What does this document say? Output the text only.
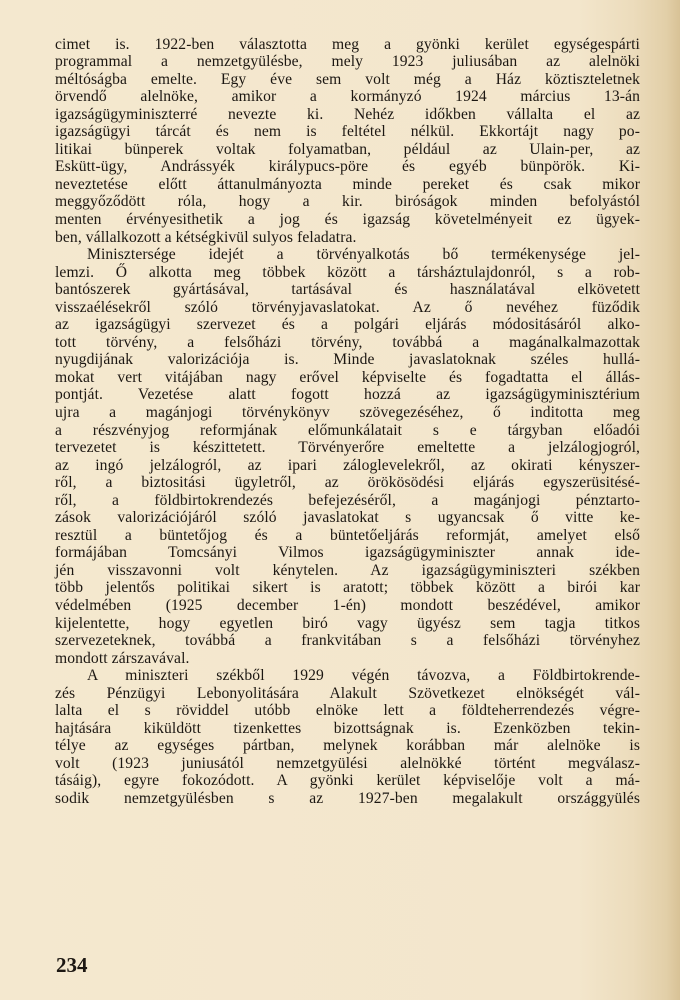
cimet is. 1922-ben választotta meg a gyönki kerület egységespárti
programmal a nemzetgyülésbe, mely 1923 juliusában az alelnöki
méltóságba emelte. Egy éve sem volt még a Ház köztiszteletnek
örvendő alelnöke, amikor a kormányzó 1924 március 13-án
igazságügyminiszterré nevezte ki. Nehéz időkben vállalta el az
igazságügyi tárcát és nem is feltétel nélkül. Ekkortájt nagy po-
litikai bünperek voltak folyamatban, például az Ulain-per, az
Eskütt-ügy, Andrássyék királypucs-pöre és egyéb bünpörök. Ki-
neveztetése előtt áttanulmányozta minde pereket és csak mikor
meggyőződött róla, hogy a kir. biróságok minden befolyástól
menten érvényesithetik a jog és igazság követelményeit ez ügyek-
ben, vállalkozott a kétségkivül sulyos feladatra.
Minisztersége idejét a törvényalkotás bő termékenysége jel-
lemzi. Ő alkotta meg többek között a társháztulajdonról, s a rob-
bantószerek gyártásával, tartásával és használatával elkövetett
visszaélésekről szóló törvényjavaslatokat. Az ő nevéhez füződik
az igazságügyi szervezet és a polgári eljárás módositásáról alko-
tott törvény, a felsőházi törvény, továbbá a magánalkalmazottak
nyugdijának valorizációja is. Minde javaslatoknak széles hullá-
mokat vert vitájában nagy erővel képviselte és fogadtatta el állás-
pontját. Vezetése alatt fogott hozzá az igazságügyminisztérium
ujra a magánjogi törvénykönyv szövegezéséhez, ő inditotta meg
a részvényjog reformjának előmunkálatait s e tárgyban előadói
tervezetet is készittetett. Törvényerőre emeltette a jelzálogjogról,
az ingó jelzálogról, az ipari záloglevelekről, az okirati kényszer-
ről, a biztositási ügyletről, az örökösödési eljárás egyszerüsitésé-
ről, a földbirtokrendezés befejezéséről, a magánjogi pénztarto-
zások valorizációjáról szóló javaslatokat s ugyancsak ő vitte ke-
resztül a büntetőjog és a büntetőeljárás reformját, amelyet első
formájában Tomcsányi Vilmos igazságügyminiszter annak ide-
jén visszavonni volt kénytelen. Az igazságügyminiszteri székben
több jelentős politikai sikert is aratott; többek között a birói kar
védelmében (1925 december 1-én) mondott beszédével, amikor
kijelentette, hogy egyetlen biró vagy ügyész sem tagja titkos
szervezeteknek, továbbá a frankvitában s a felsőházi törvényhez
mondott zárszavával.
A miniszteri székből 1929 végén távozva, a Földbirtokrende-
zés Pénzügyi Lebonyolitására Alakult Szövetkezet elnökségét vál-
lalta el s röviddel utóbb elnöke lett a földteherrendezés végre-
hajtására kiküldött tizenkettes bizottságnak is. Ezenközben tekin-
télye az egységes pártban, melynek korábban már alelnöke is
volt (1923 juniusától nemzetgyülési alelnökké történt megválasz-
tásáig), egyre fokozódott. A gyönki kerület képviselője volt a má-
sodik nemzetgyülésben s az 1927-ben megalakult országgyülés
234
